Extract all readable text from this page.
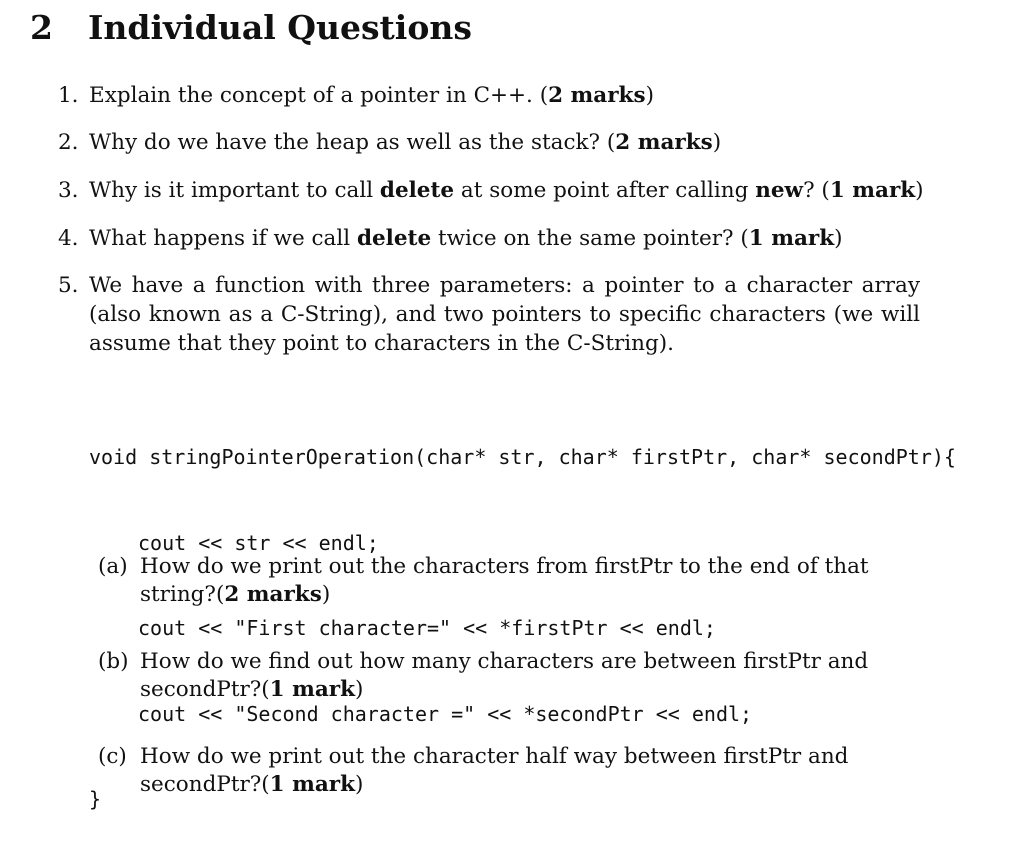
2 Individual Questions
1. Explain the concept of a pointer in C++. (2 marks)
2. Why do we have the heap as well as the stack? (2 marks)
3. Why is it important to call delete at some point after calling new? (1 mark)
4. What happens if we call delete twice on the same pointer? (1 mark)
5. We have a function with three parameters: a pointer to a character array (also known as a C-String), and two pointers to specific characters (we will assume that they point to characters in the C-String).

void stringPointerOperation(char* str, char* firstPtr, char* secondPtr){

cout << str << endl;

cout << "First character=" << *firstPtr << endl;

cout << "Second character =" << *secondPtr << endl;

}

(a) How do we print out the characters from firstPtr to the end of that string?(2 marks)
(b) How do we find out how many characters are between firstPtr and secondPtr?(1 mark)
(c) How do we print out the character half way between firstPtr and secondPtr?(1 mark)
